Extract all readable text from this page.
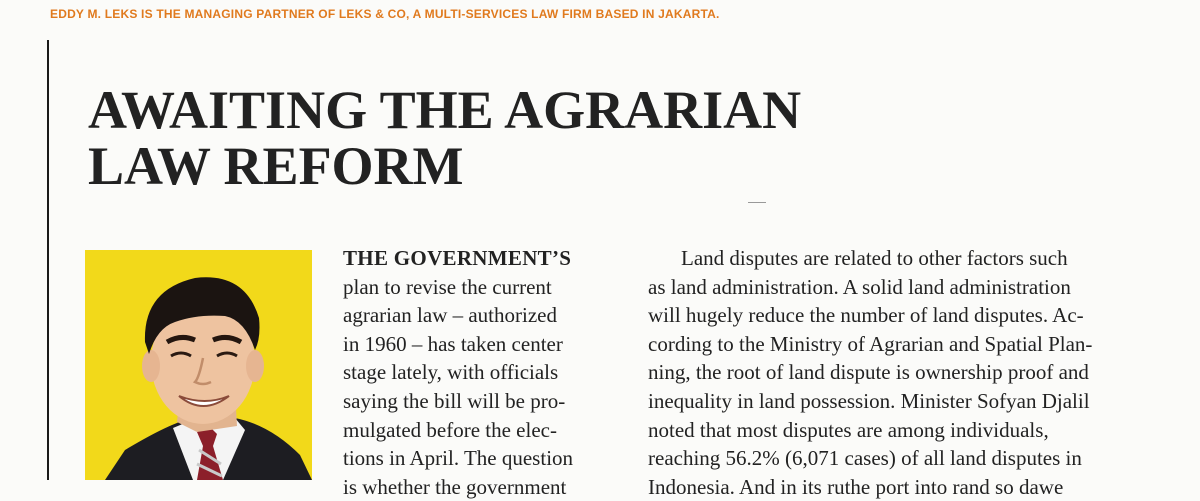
EDDY M. LEKS IS THE MANAGING PARTNER OF LEKS & CO, A MULTI-SERVICES LAW FIRM BASED IN JAKARTA.
AWAITING THE AGRARIAN
LAW REFORM
THE GOVERNMENT’S
plan to revise the current
agrarian law – authorized
in 1960 – has taken center
stage lately, with officials
saying the bill will be pro-
mulgated before the elec-
tions in April. The question
is whether the government
Land disputes are related to other factors such
as land administration. A solid land administration
will hugely reduce the number of land disputes. Ac-
cording to the Ministry of Agrarian and Spatial Plan-
ning, the root of land dispute is ownership proof and
inequality in land possession. Minister Sofyan Djalil
noted that most disputes are among individuals,
reaching 56.2% (6,071 cases) of all land disputes in
Indonesia. And in its ruthe port into rand so dawe
